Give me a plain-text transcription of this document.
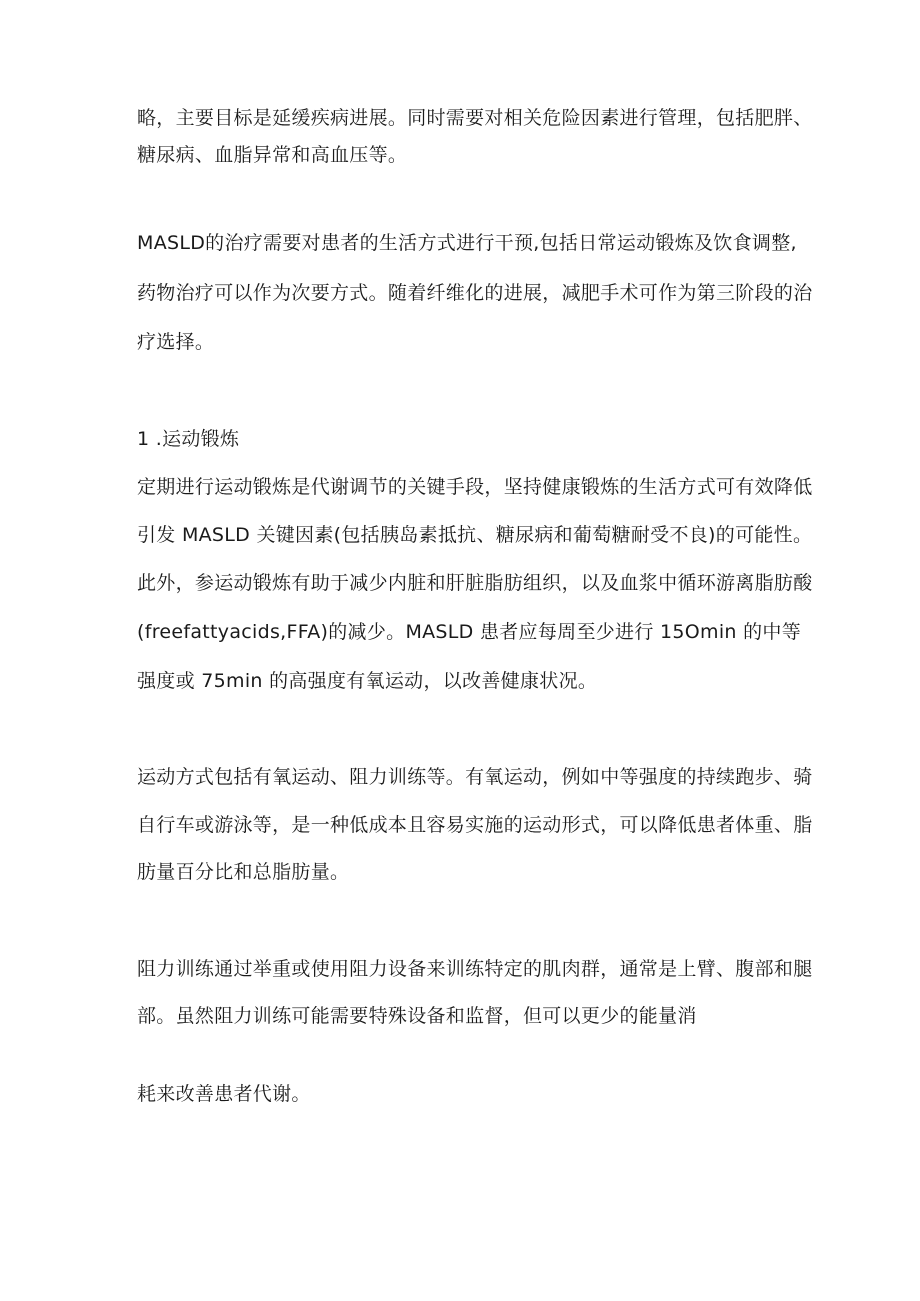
略，主要目标是延缓疾病进展。同时需要对相关危险因素进行管理，包括肥胖、
糖尿病、血脂异常和高血压等。
MASLD的治疗需要对患者的生活方式进行干预,包括日常运动锻炼及饮食调整,
药物治疗可以作为次要方式。随着纤维化的进展，减肥手术可作为第三阶段的治
疗选择。
1 .运动锻炼
定期进行运动锻炼是代谢调节的关键手段，坚持健康锻炼的生活方式可有效降低
引发 MASLD 关键因素(包括胰岛素抵抗、糖尿病和葡萄糖耐受不良)的可能性。
此外，参运动锻炼有助于减少内脏和肝脏脂肪组织，以及血浆中循环游离脂肪酸
(freefattyacids,FFA)的减少。MASLD 患者应每周至少进行 15Omin 的中等
强度或 75min 的高强度有氧运动，以改善健康状况。
运动方式包括有氧运动、阻力训练等。有氧运动，例如中等强度的持续跑步、骑
自行车或游泳等，是一种低成本且容易实施的运动形式，可以降低患者体重、脂
肪量百分比和总脂肪量。
阻力训练通过举重或使用阻力设备来训练特定的肌肉群，通常是上臂、腹部和腿
部。虽然阻力训练可能需要特殊设备和监督，但可以更少的能量消
耗来改善患者代谢。
